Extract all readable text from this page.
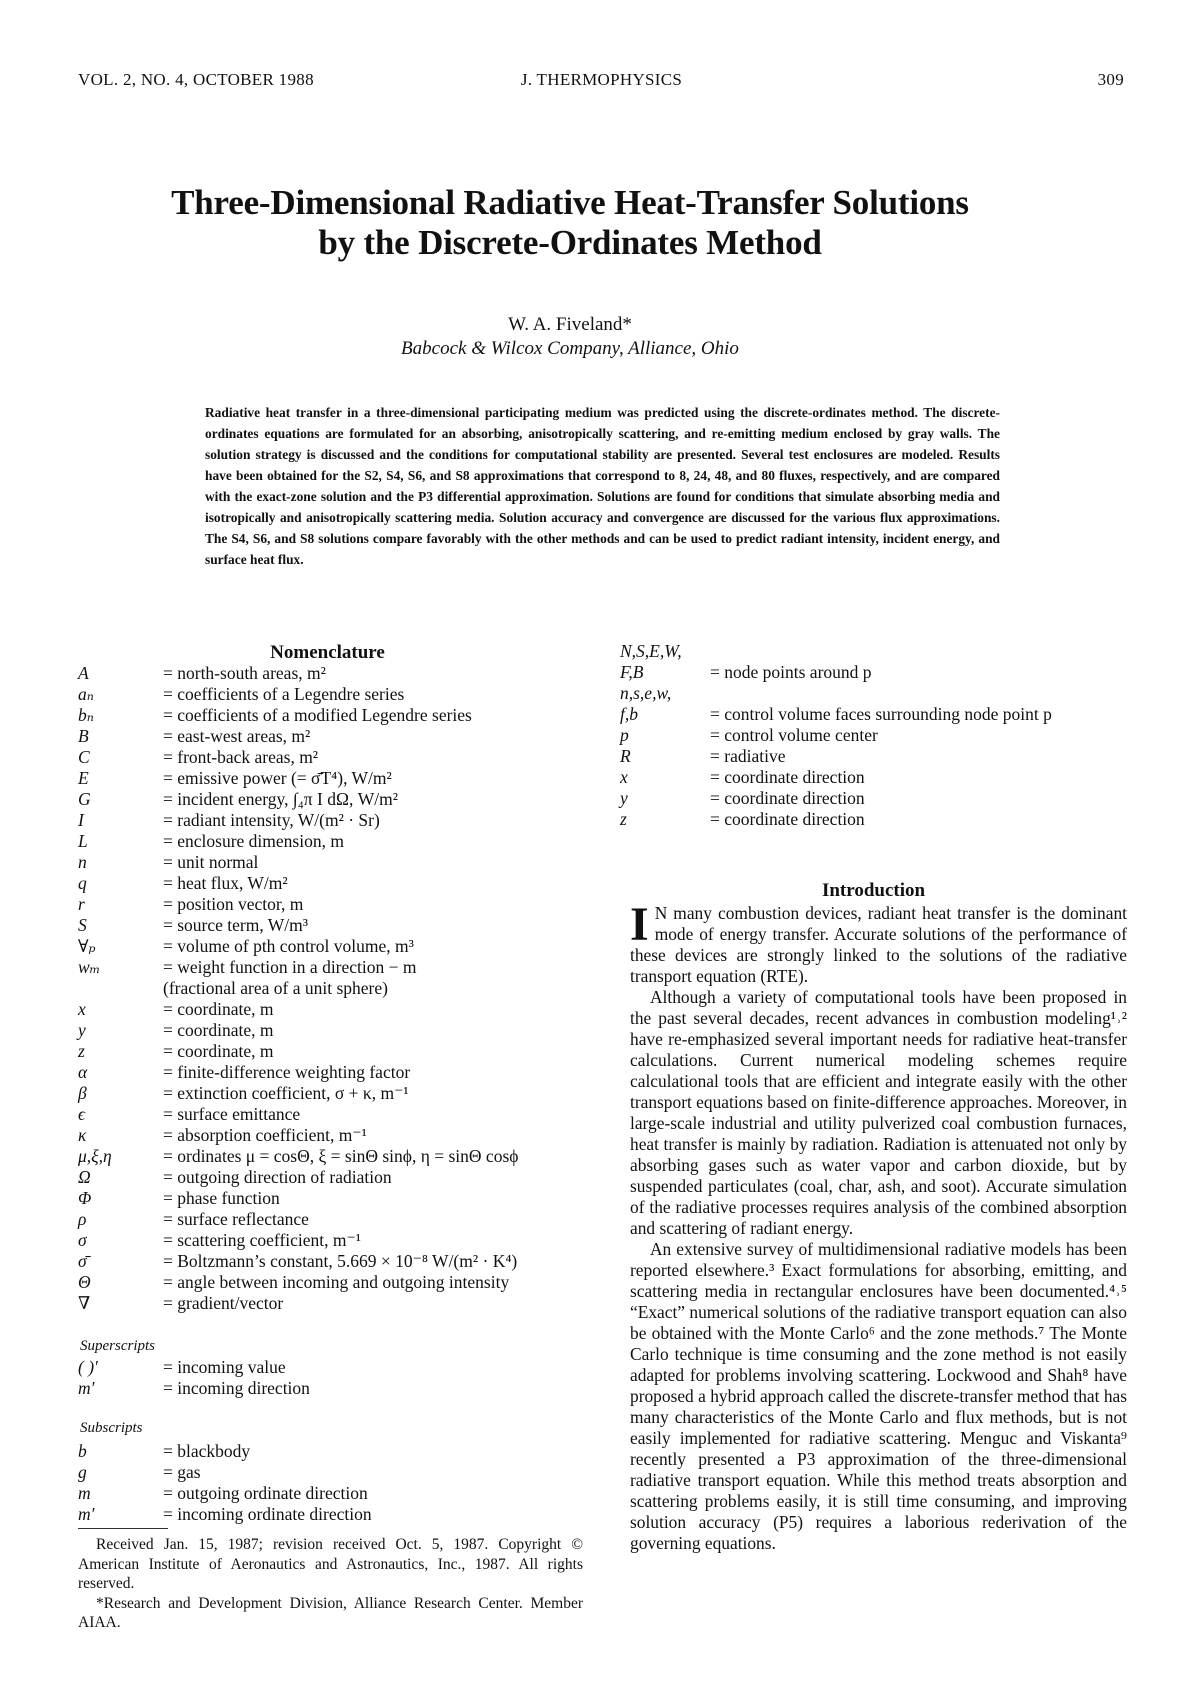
VOL. 2, NO. 4, OCTOBER 1988	J. THERMOPHYSICS	309
Three-Dimensional Radiative Heat-Transfer Solutions
by the Discrete-Ordinates Method
W. A. Fiveland*
Babcock & Wilcox Company, Alliance, Ohio
Radiative heat transfer in a three-dimensional participating medium was predicted using the discrete-ordinates method. The discrete-ordinates equations are formulated for an absorbing, anisotropically scattering, and re-emitting medium enclosed by gray walls. The solution strategy is discussed and the conditions for computational stability are presented. Several test enclosures are modeled. Results have been obtained for the S2, S4, S6, and S8 approximations that correspond to 8, 24, 48, and 80 fluxes, respectively, and are compared with the exact-zone solution and the P3 differential approximation. Solutions are found for conditions that simulate absorbing media and isotropically and anisotropically scattering media. Solution accuracy and convergence are discussed for the various flux approximations. The S4, S6, and S8 solutions compare favorably with the other methods and can be used to predict radiant intensity, incident energy, and surface heat flux.
Nomenclature
A	= north-south areas, m²
aₙ	= coefficients of a Legendre series
bₙ	= coefficients of a modified Legendre series
B	= east-west areas, m²
C	= front-back areas, m²
E	= emissive power (= σ̄T⁴), W/m²
G	= incident energy, ∫₄π I dΩ, W/m²
I	= radiant intensity, W/(m² · Sr)
L	= enclosure dimension, m
n	= unit normal
q	= heat flux, W/m²
r	= position vector, m
S	= source term, W/m³
∀ₚ	= volume of pth control volume, m³
wₘ	= weight function in a direction − m
(fractional area of a unit sphere)
x	= coordinate, m
y	= coordinate, m
z	= coordinate, m
α	= finite-difference weighting factor
β	= extinction coefficient, σ + κ, m⁻¹
ϵ	= surface emittance
κ	= absorption coefficient, m⁻¹
μ,ξ,η	= ordinates μ = cosΘ, ξ = sinΘ sinϕ, η = sinΘ cosϕ
Ω	= outgoing direction of radiation
Φ	= phase function
ρ	= surface reflectance
σ	= scattering coefficient, m⁻¹
σ̄	= Boltzmann’s constant, 5.669 × 10⁻⁸ W/(m² · K⁴)
Θ	= angle between incoming and outgoing intensity
∇	= gradient/vector
Superscripts
( )′	= incoming value
m′	= incoming direction
Subscripts
b	= blackbody
g	= gas
m	= outgoing ordinate direction
m′	= incoming ordinate direction
N,S,E,W,
F,B	= node points around p
n,s,e,w,
f,b	= control volume faces surrounding node point p
p	= control volume center
R	= radiative
x	= coordinate direction
y	= coordinate direction
z	= coordinate direction

Received Jan. 15, 1987; revision received Oct. 5, 1987. Copyright © American Institute of Aeronautics and Astronautics, Inc., 1987. All rights reserved.

*Research and Development Division, Alliance Research Center. Member AIAA.

Introduction

I N many combustion devices, radiant heat transfer is the dominant mode of energy transfer. Accurate solutions of the performance of these devices are strongly linked to the solutions of the radiative transport equation (RTE).

Although a variety of computational tools have been proposed in the past several decades, recent advances in combustion modeling¹˒² have re-emphasized several important needs for radiative heat-transfer calculations. Current numerical modeling schemes require calculational tools that are efficient and integrate easily with the other transport equations based on finite-difference approaches. Moreover, in large-scale industrial and utility pulverized coal combustion furnaces, heat transfer is mainly by radiation. Radiation is attenuated not only by absorbing gases such as water vapor and carbon dioxide, but by suspended particulates (coal, char, ash, and soot). Accurate simulation of the radiative processes requires analysis of the combined absorption and scattering of radiant energy.

An extensive survey of multidimensional radiative models has been reported elsewhere.³ Exact formulations for absorbing, emitting, and scattering media in rectangular enclosures have been documented.⁴˒⁵ “Exact” numerical solutions of the radiative transport equation can also be obtained with the Monte Carlo⁶ and the zone methods.⁷ The Monte Carlo technique is time consuming and the zone method is not easily adapted for problems involving scattering. Lockwood and Shah⁸ have proposed a hybrid approach called the discrete-transfer method that has many characteristics of the Monte Carlo and flux methods, but is not easily implemented for radiative scattering. Menguc and Viskanta⁹ recently presented a P3 approximation of the three-dimensional radiative transport equation. While this method treats absorption and scattering problems easily, it is still time consuming, and improving solution accuracy (P5) requires a laborious rederivation of the governing equations.
